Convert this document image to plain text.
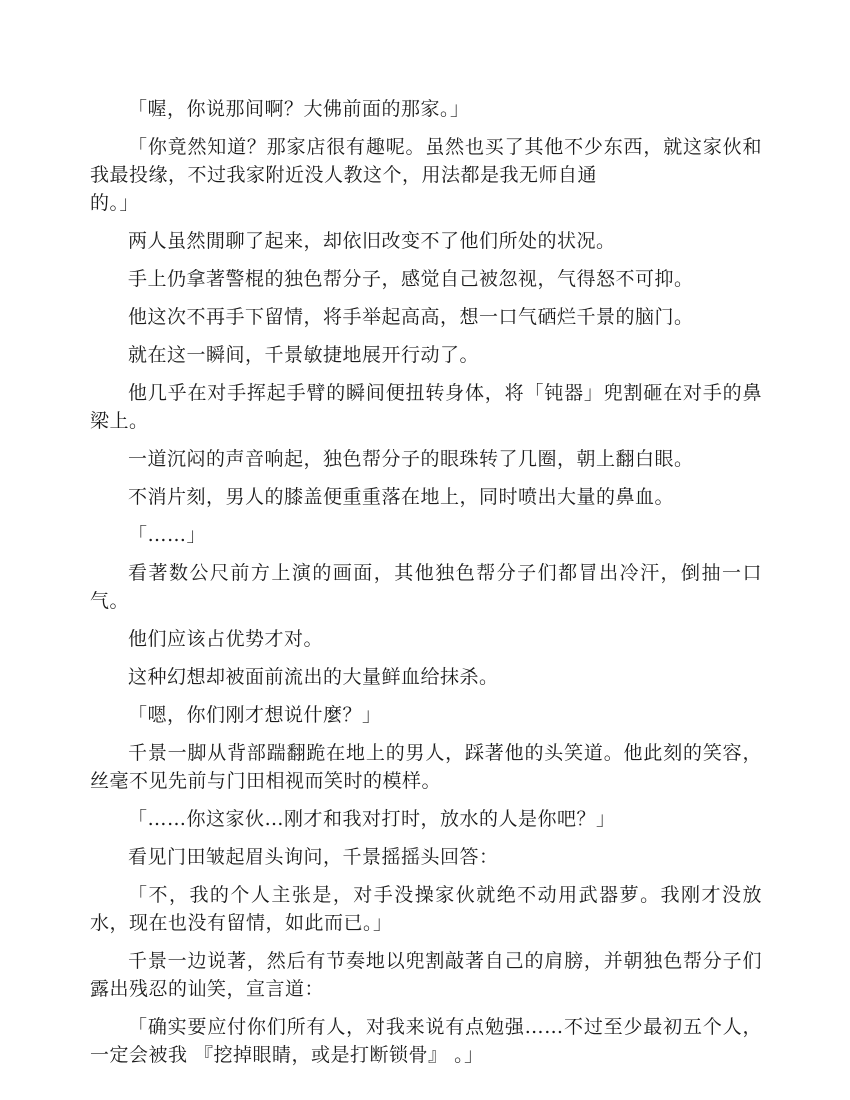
「喔，你说那间啊？大佛前面的那家。」

「你竟然知道？那家店很有趣呢。虽然也买了其他不少东西，就这家伙和我最投缘，不过我家附近没人教这个，用法都是我无师自通
的。」

两人虽然閒聊了起来，却依旧改变不了他们所处的状况。

手上仍拿著警棍的独色帮分子，感觉自己被忽视，气得怒不可抑。

他这次不再手下留情，将手举起高高，想一口气硒烂千景的脑门。

就在这一瞬间，千景敏捷地展开行动了。

他几乎在对手挥起手臂的瞬间便扭转身体，将「钝器」兜割砸在对手的鼻梁上。

一道沉闷的声音响起，独色帮分子的眼珠转了几圈，朝上翻白眼。

不消片刻，男人的膝盖便重重落在地上，同时喷出大量的鼻血。

「……」

看著数公尺前方上演的画面，其他独色帮分子们都冒出冷汗，倒抽一口气。

他们应该占优势才对。

这种幻想却被面前流出的大量鲜血给抹杀。

「嗯，你们刚才想说什麼？」

千景一脚从背部踹翻跪在地上的男人，踩著他的头笑道。他此刻的笑容，丝毫不见先前与门田相视而笑时的模样。

「……你这家伙…刚才和我对打时，放水的人是你吧？」

看见门田皱起眉头询问，千景摇摇头回答：

「不，我的个人主张是，对手没操家伙就绝不动用武器萝。我刚才没放水，现在也没有留情，如此而已。」

千景一边说著，然后有节奏地以兜割敲著自己的肩膀，并朝独色帮分子们露出残忍的讪笑，宣言道：

「确实要应付你们所有人，对我来说有点勉强……不过至少最初五个人，一定会被我 『挖掉眼睛，或是打断锁骨』 。」
